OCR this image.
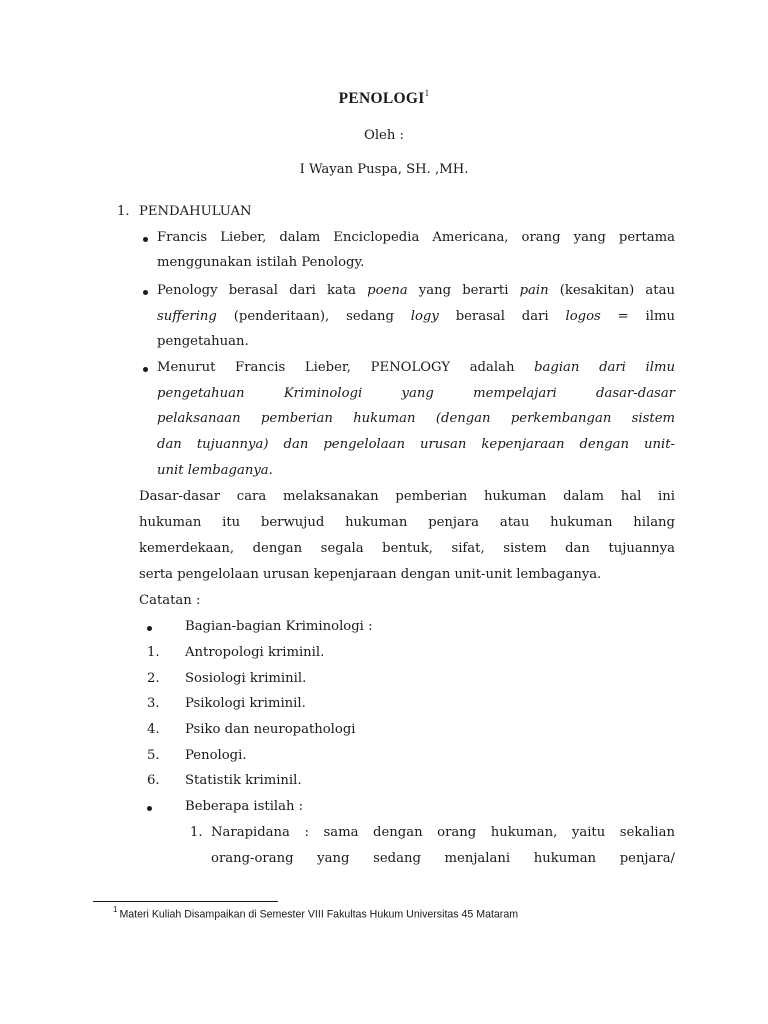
PENOLOGI$^1$
Oleh :
I Wayan Puspa, SH. ,MH.
1. PENDAHULUAN
Francis Lieber, dalam Enciclopedia Americana, orang yang pertama
menggunakan istilah Penology.
Penology berasal dari kata poena yang berarti pain (kesakitan) atau
suffering (penderitaan), sedang logy berasal dari logos = ilmu
pengetahuan.
Menurut Francis Lieber, PENOLOGY adalah bagian dari ilmu
pengetahuan Kriminologi yang mempelajari dasar-dasar
pelaksanaan pemberian hukuman (dengan perkembangan sistem
dan tujuannya) dan pengelolaan urusan kepenjaraan dengan unit-
unit lembaganya.
Dasar-dasar cara melaksanakan pemberian hukuman dalam hal ini
hukuman itu berwujud hukuman penjara atau hukuman hilang
kemerdekaan, dengan segala bentuk, sifat, sistem dan tujuannya
serta pengelolaan urusan kepenjaraan dengan unit-unit lembaganya.
Catatan :
Bagian-bagian Kriminologi :
1. Antropologi kriminil.
2. Sosiologi kriminil.
3. Psikologi kriminil.
4. Psiko dan neuropathologi
5. Penologi.
6. Statistik kriminil.
Beberapa istilah :
1. Narapidana : sama dengan orang hukuman, yaitu sekalian
orang-orang yang sedang menjalani hukuman penjara/
$^1$ Materi Kuliah Disampaikan di Semester VIII Fakultas Hukum Universitas 45 Mataram
